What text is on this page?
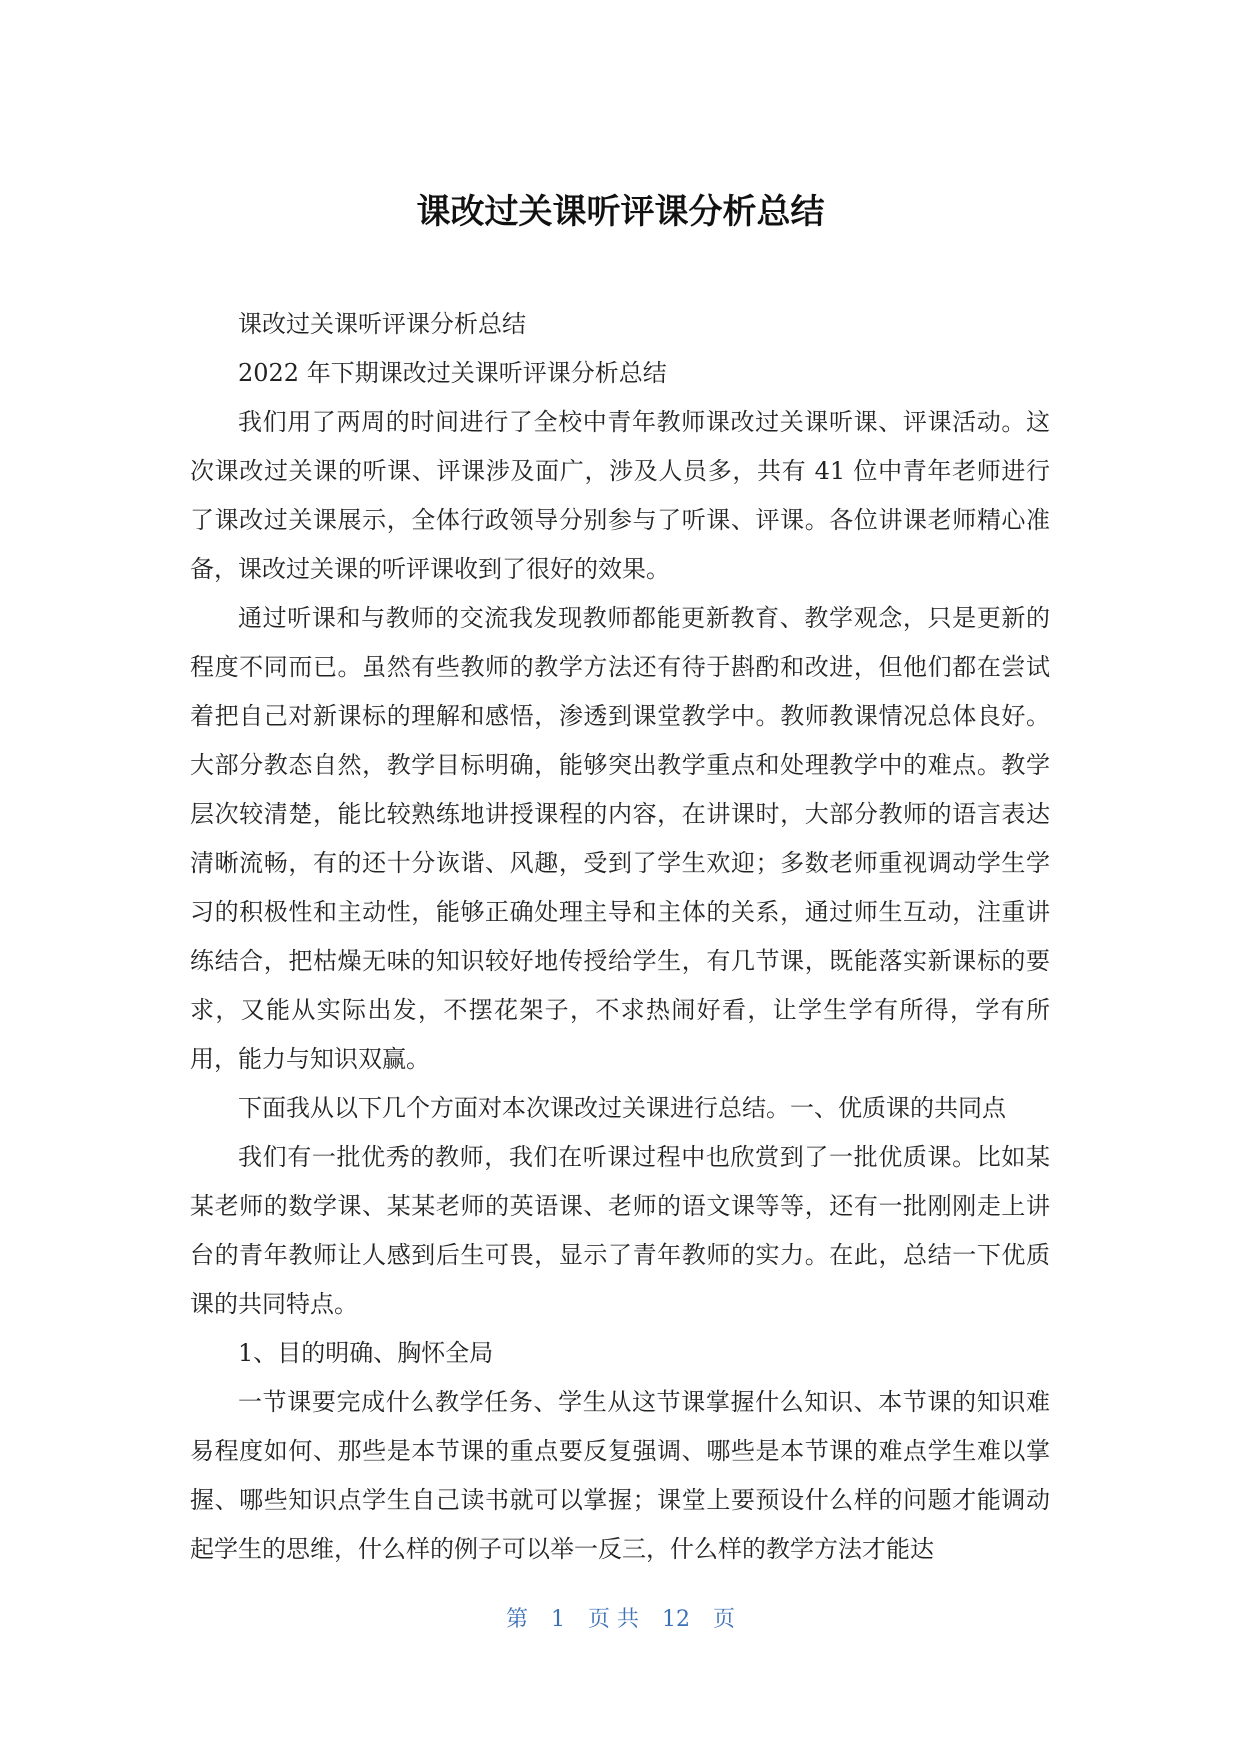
课改过关课听评课分析总结

课改过关课听评课分析总结

2022 年下期课改过关课听评课分析总结

我们用了两周的时间进行了全校中青年教师课改过关课听课、评课活动。这次课改过关课的听课、评课涉及面广，涉及人员多，共有 41 位中青年老师进行了课改过关课展示，全体行政领导分别参与了听课、评课。各位讲课老师精心准备，课改过关课的听评课收到了很好的效果。

通过听课和与教师的交流我发现教师都能更新教育、教学观念，只是更新的程度不同而已。虽然有些教师的教学方法还有待于斟酌和改进，但他们都在尝试着把自己对新课标的理解和感悟，渗透到课堂教学中。教师教课情况总体良好。大部分教态自然，教学目标明确，能够突出教学重点和处理教学中的难点。教学层次较清楚，能比较熟练地讲授课程的内容，在讲课时，大部分教师的语言表达清晰流畅，有的还十分诙谐、风趣，受到了学生欢迎；多数老师重视调动学生学习的积极性和主动性，能够正确处理主导和主体的关系，通过师生互动，注重讲练结合，把枯燥无味的知识较好地传授给学生，有几节课，既能落实新课标的要求，又能从实际出发，不摆花架子，不求热闹好看，让学生学有所得，学有所用，能力与知识双赢。

下面我从以下几个方面对本次课改过关课进行总结。一、优质课的共同点

我们有一批优秀的教师，我们在听课过程中也欣赏到了一批优质课。比如某某老师的数学课、某某老师的英语课、老师的语文课等等，还有一批刚刚走上讲台的青年教师让人感到后生可畏，显示了青年教师的实力。在此，总结一下优质课的共同特点。

1、目的明确、胸怀全局

一节课要完成什么教学任务、学生从这节课掌握什么知识、本节课的知识难易程度如何、那些是本节课的重点要反复强调、哪些是本节课的难点学生难以掌握、哪些知识点学生自己读书就可以掌握；课堂上要预设什么样的问题才能调动起学生的思维，什么样的例子可以举一反三，什么样的教学方法才能达

第 1 页 共 12 页
